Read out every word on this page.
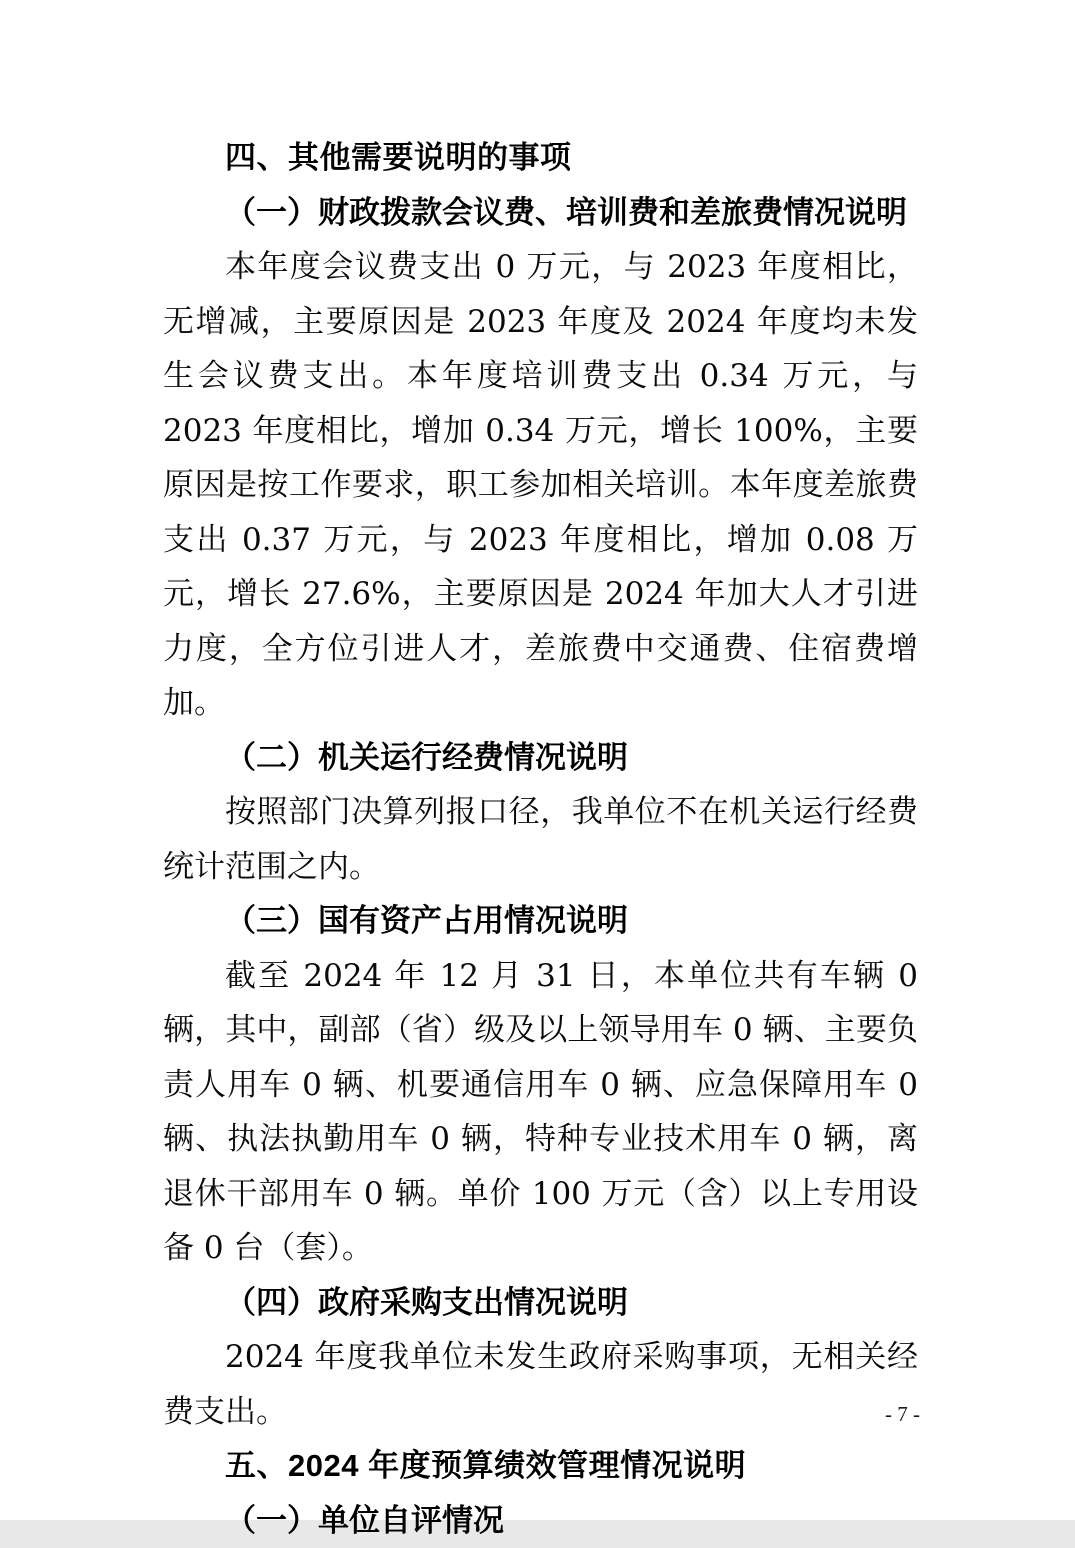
四、其他需要说明的事项
（一）财政拨款会议费、培训费和差旅费情况说明
本年度会议费支出 0 万元，与 2023 年度相比，无增减，主要原因是 2023 年度及 2024 年度均未发生会议费支出。本年度培训费支出 0.34 万元，与 2023 年度相比，增加 0.34 万元，增长 100%，主要原因是按工作要求，职工参加相关培训。本年度差旅费支出 0.37 万元，与 2023 年度相比，增加 0.08 万元，增长 27.6%，主要原因是 2024 年加大人才引进力度，全方位引进人才，差旅费中交通费、住宿费增加。
（二）机关运行经费情况说明
按照部门决算列报口径，我单位不在机关运行经费统计范围之内。
（三）国有资产占用情况说明
截至 2024 年 12 月 31 日，本单位共有车辆 0 辆，其中，副部（省）级及以上领导用车 0 辆、主要负责人用车 0 辆、机要通信用车 0 辆、应急保障用车 0 辆、执法执勤用车 0 辆，特种专业技术用车 0 辆，离退休干部用车 0 辆。单价 100 万元（含）以上专用设备 0 台（套）。
（四）政府采购支出情况说明
2024 年度我单位未发生政府采购事项，无相关经费支出。
五、2024 年度预算绩效管理情况说明
（一）单位自评情况
- 7 -
